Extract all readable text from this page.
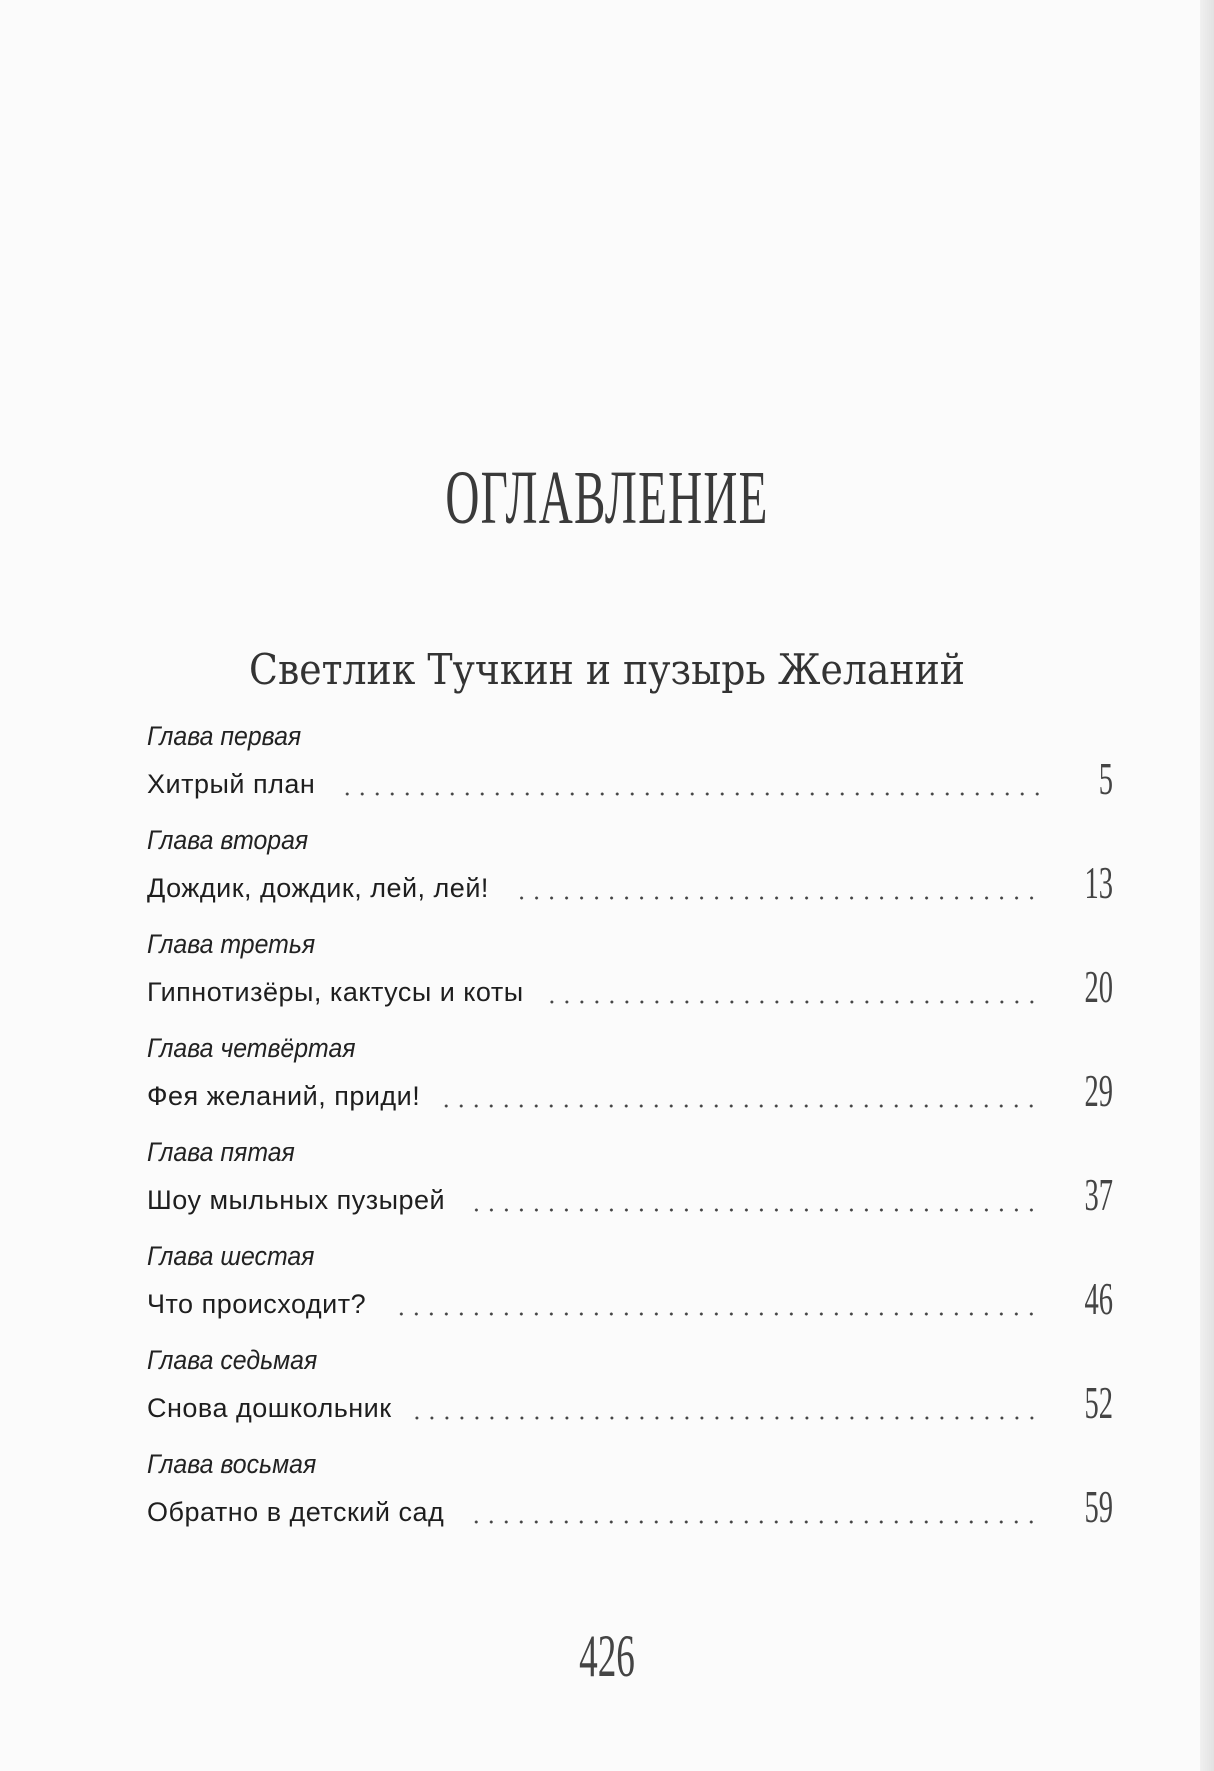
ОГЛАВЛЕНИЕ
Светлик Тучкин и пузырь Желаний
Глава первая
Хитрый план	5
Глава вторая
Дождик, дождик, лей, лей!	13
Глава третья
Гипнотизёры, кактусы и коты	20
Глава четвёртая
Фея желаний, приди!	29
Глава пятая
Шоу мыльных пузырей	37
Глава шестая
Что происходит?	46
Глава седьмая
Снова дошкольник	52
Глава восьмая
Обратно в детский сад	59
426
